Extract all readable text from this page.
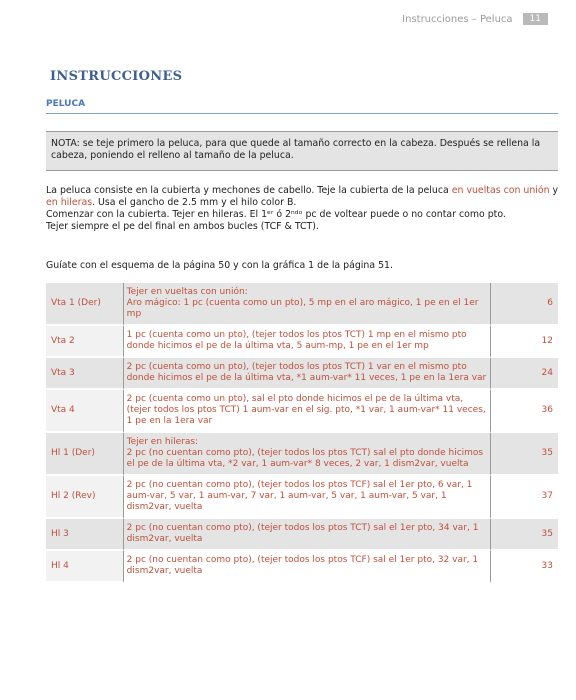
Instrucciones – Peluca	11
INSTRUCCIONES
PELUCA
NOTA: se teje primero la peluca, para que quede al tamaño correcto en la cabeza. Después se rellena la cabeza, poniendo el relleno al tamaño de la peluca.
La peluca consiste en la cubierta y mechones de cabello. Teje la cubierta de la peluca en vueltas con unión y en hileras. Usa el gancho de 2.5 mm y el hilo color B.
Comenzar con la cubierta. Tejer en hileras. El 1ᵉʳ ó 2ⁿᵈᵒ pc de voltear puede o no contar como pto.
Tejer siempre el pe del final en ambos bucles (TCF & TCT).
Guíate con el esquema de la página 50 y con la gráfica 1 de la página 51.
Vta 1 (Der)	Tejer en vueltas con unión:
Aro mágico: 1 pc (cuenta como un pto), 5 mp en el aro mágico, 1 pe en el 1er mp	6
Vta 2	1 pc (cuenta como un pto), (tejer todos los ptos TCT) 1 mp en el mismo pto donde hicimos el pe de la última vta, 5 aum-mp, 1 pe en el 1er mp	12
Vta 3	2 pc (cuenta como un pto), (tejer todos los ptos TCT) 1 var en el mismo pto donde hicimos el pe de la última vta, *1 aum-var* 11 veces, 1 pe en la 1era var	24
Vta 4	2 pc (cuenta como un pto), sal el pto donde hicimos el pe de la última vta, (tejer todos los ptos TCT) 1 aum-var en el sig. pto, *1 var, 1 aum-var* 11 veces, 1 pe en la 1era var	36
Hl 1 (Der)	Tejer en hileras:
2 pc (no cuentan como pto), (tejer todos los ptos TCT) sal el pto donde hicimos el pe de la última vta, *2 var, 1 aum-var* 8 veces, 2 var, 1 dism2var, vuelta	35
Hl 2 (Rev)	2 pc (no cuentan como pto), (tejer todos los ptos TCF) sal el 1er pto, 6 var, 1 aum-var, 5 var, 1 aum-var, 7 var, 1 aum-var, 5 var, 1 aum-var, 5 var, 1 dism2var, vuelta	37
Hl 3	2 pc (no cuentan como pto), (tejer todos los ptos TCT) sal el 1er pto, 34 var, 1 dism2var, vuelta	35
Hl 4	2 pc (no cuentan como pto), (tejer todos los ptos TCF) sal el 1er pto, 32 var, 1 dism2var, vuelta	33
